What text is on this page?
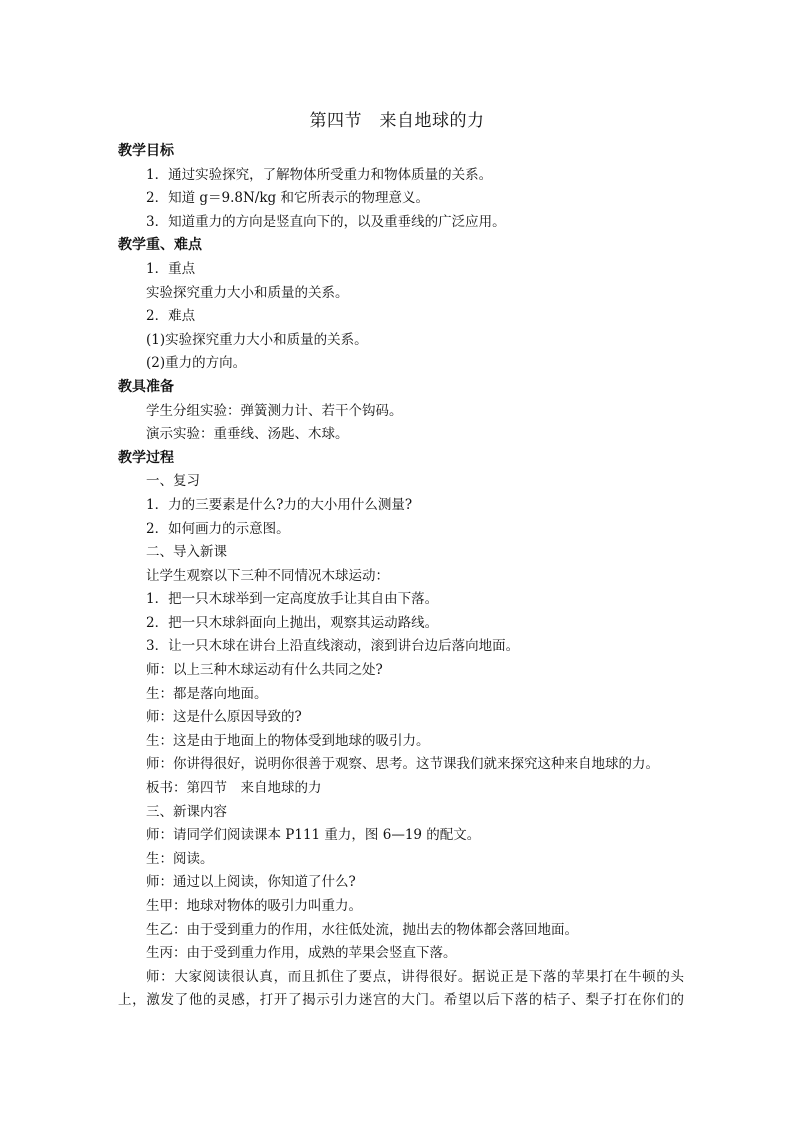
第四节　来自地球的力
教学目标
1．通过实验探究，了解物体所受重力和物体质量的关系。
2．知道 g＝9.8N/kg 和它所表示的物理意义。
3．知道重力的方向是竖直向下的，以及重垂线的广泛应用。
教学重、难点
1．重点
实验探究重力大小和质量的关系。
2．难点
(1)实验探究重力大小和质量的关系。
(2)重力的方向。
教具准备
学生分组实验：弹簧测力计、若干个钩码。
演示实验：重垂线、汤匙、木球。
教学过程
一、复习
1．力的三要素是什么?力的大小用什么测量?
2．如何画力的示意图。
二、导入新课
让学生观察以下三种不同情况木球运动：
1．把一只木球举到一定高度放手让其自由下落。
2．把一只木球斜面向上抛出，观察其运动路线。
3．让一只木球在讲台上沿直线滚动，滚到讲台边后落向地面。
师：以上三种木球运动有什么共同之处?
生：都是落向地面。
师：这是什么原因导致的?
生：这是由于地面上的物体受到地球的吸引力。
师：你讲得很好，说明你很善于观察、思考。这节课我们就来探究这种来自地球的力。
板书：第四节　来自地球的力
三、新课内容
师：请同学们阅读课本 P111 重力，图 6—19 的配文。
生：阅读。
师：通过以上阅读，你知道了什么?
生甲：地球对物体的吸引力叫重力。
生乙：由于受到重力的作用，水往低处流，抛出去的物体都会落回地面。
生丙：由于受到重力作用，成熟的苹果会竖直下落。
师：大家阅读很认真，而且抓住了要点，讲得很好。据说正是下落的苹果打在牛顿的头
上，激发了他的灵感，打开了揭示引力迷宫的大门。希望以后下落的桔子、梨子打在你们的
